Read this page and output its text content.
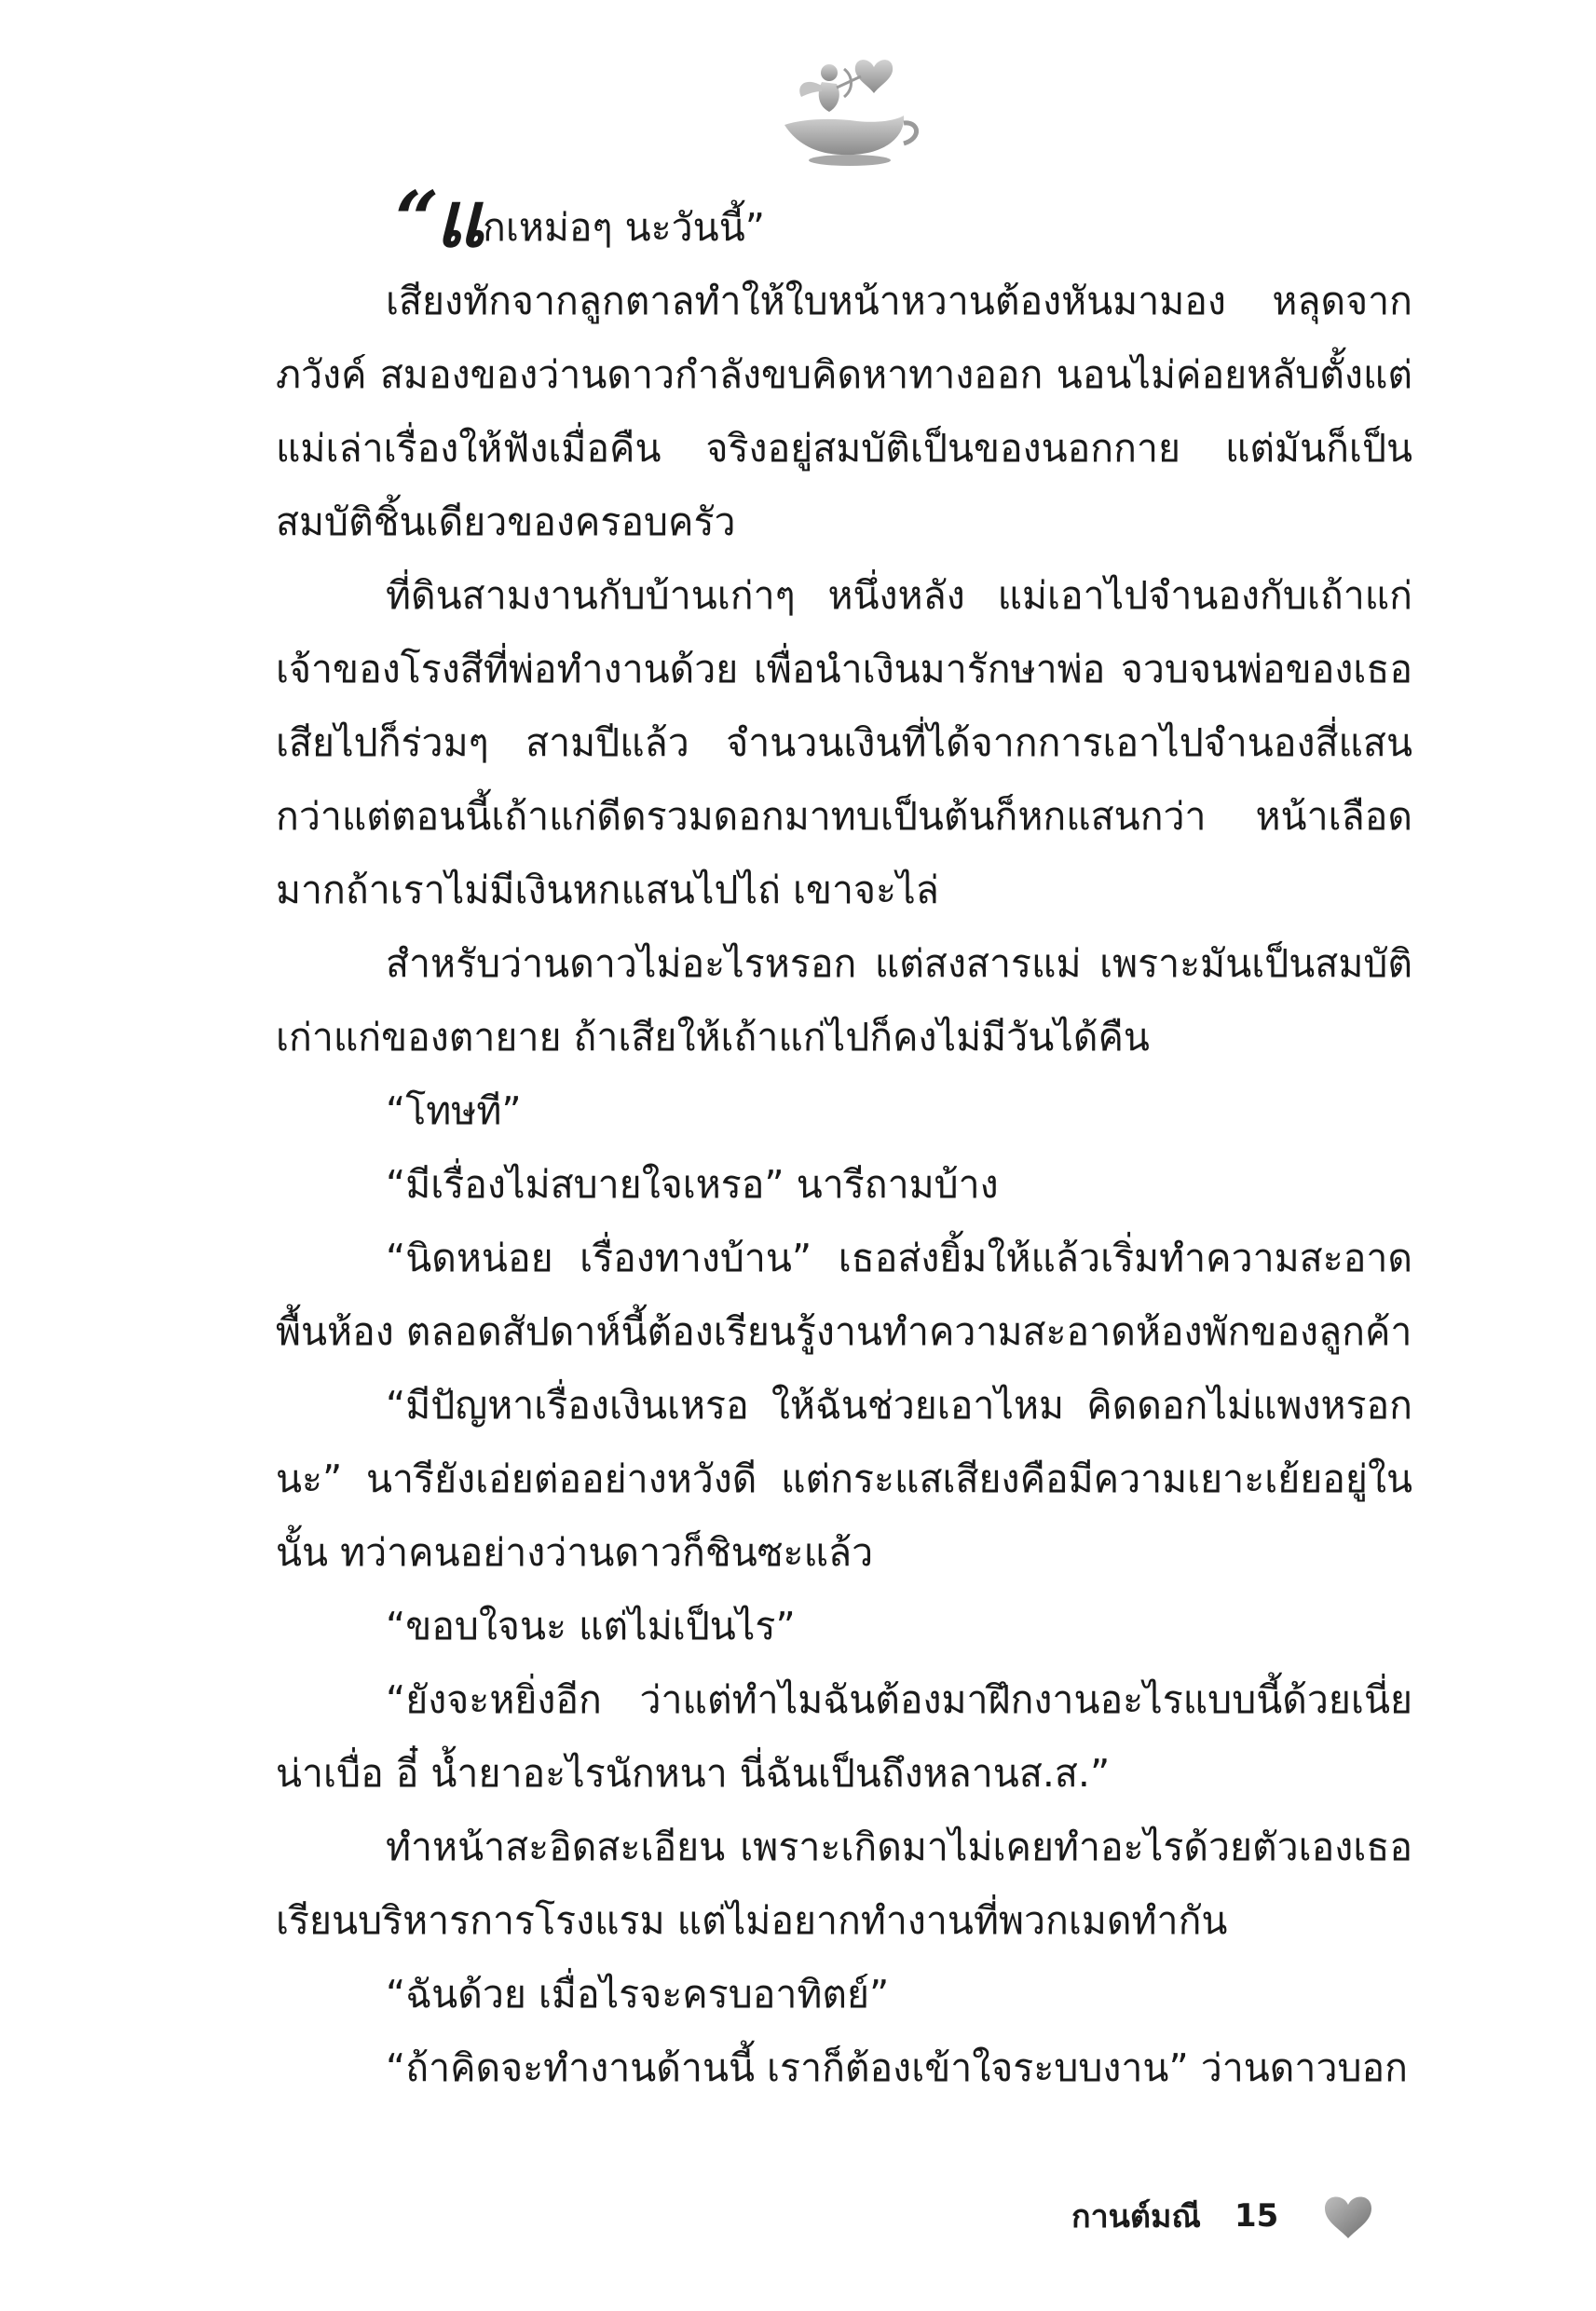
“แกเหม่อๆ นะวันนี้”

เสียงทักจากลูกตาลทำให้ใบหน้าหวานต้องหันมามอง หลุดจากภวังค์ สมองของว่านดาวกำลังขบคิดหาทางออก นอนไม่ค่อยหลับตั้งแต่แม่เล่าเรื่องให้ฟังเมื่อคืน จริงอยู่สมบัติเป็นของนอกกาย แต่มันก็เป็นสมบัติชิ้นเดียวของครอบครัว

ที่ดินสามงานกับบ้านเก่าๆ หนึ่งหลัง แม่เอาไปจำนองกับเถ้าแก่เจ้าของโรงสีที่พ่อทำงานด้วย เพื่อนำเงินมารักษาพ่อ จวบจนพ่อของเธอเสียไปก็ร่วมๆ สามปีแล้ว จำนวนเงินที่ได้จากการเอาไปจำนองสี่แสนกว่าแต่ตอนนี้เถ้าแก่ดีดรวมดอกมาทบเป็นต้นก็หกแสนกว่า หน้าเลือดมากถ้าเราไม่มีเงินหกแสนไปไถ่ เขาจะไล่

สำหรับว่านดาวไม่อะไรหรอก แต่สงสารแม่ เพราะมันเป็นสมบัติเก่าแก่ของตายาย ถ้าเสียให้เถ้าแก่ไปก็คงไม่มีวันได้คืน

“โทษที”

“มีเรื่องไม่สบายใจเหรอ” นารีถามบ้าง

“นิดหน่อย เรื่องทางบ้าน” เธอส่งยิ้มให้แล้วเริ่มทำความสะอาดพื้นห้อง ตลอดสัปดาห์นี้ต้องเรียนรู้งานทำความสะอาดห้องพักของลูกค้า

“มีปัญหาเรื่องเงินเหรอ ให้ฉันช่วยเอาไหม คิดดอกไม่แพงหรอกนะ” นารียังเอ่ยต่ออย่างหวังดี แต่กระแสเสียงคือมีความเยาะเย้ยอยู่ในนั้น ทว่าคนอย่างว่านดาวก็ชินซะแล้ว

“ขอบใจนะ แต่ไม่เป็นไร”

“ยังจะหยิ่งอีก ว่าแต่ทำไมฉันต้องมาฝึกงานอะไรแบบนี้ด้วยเนี่ยน่าเบื่อ อี๋ น้ำยาอะไรนักหนา นี่ฉันเป็นถึงหลานส.ส.”

ทำหน้าสะอิดสะเอียน เพราะเกิดมาไม่เคยทำอะไรด้วยตัวเองเธอเรียนบริหารการโรงแรม แต่ไม่อยากทำงานที่พวกเมดทำกัน

“ฉันด้วย เมื่อไรจะครบอาทิตย์”

“ถ้าคิดจะทำงานด้านนี้ เราก็ต้องเข้าใจระบบงาน” ว่านดาวบอก

กานต์มณี 15
